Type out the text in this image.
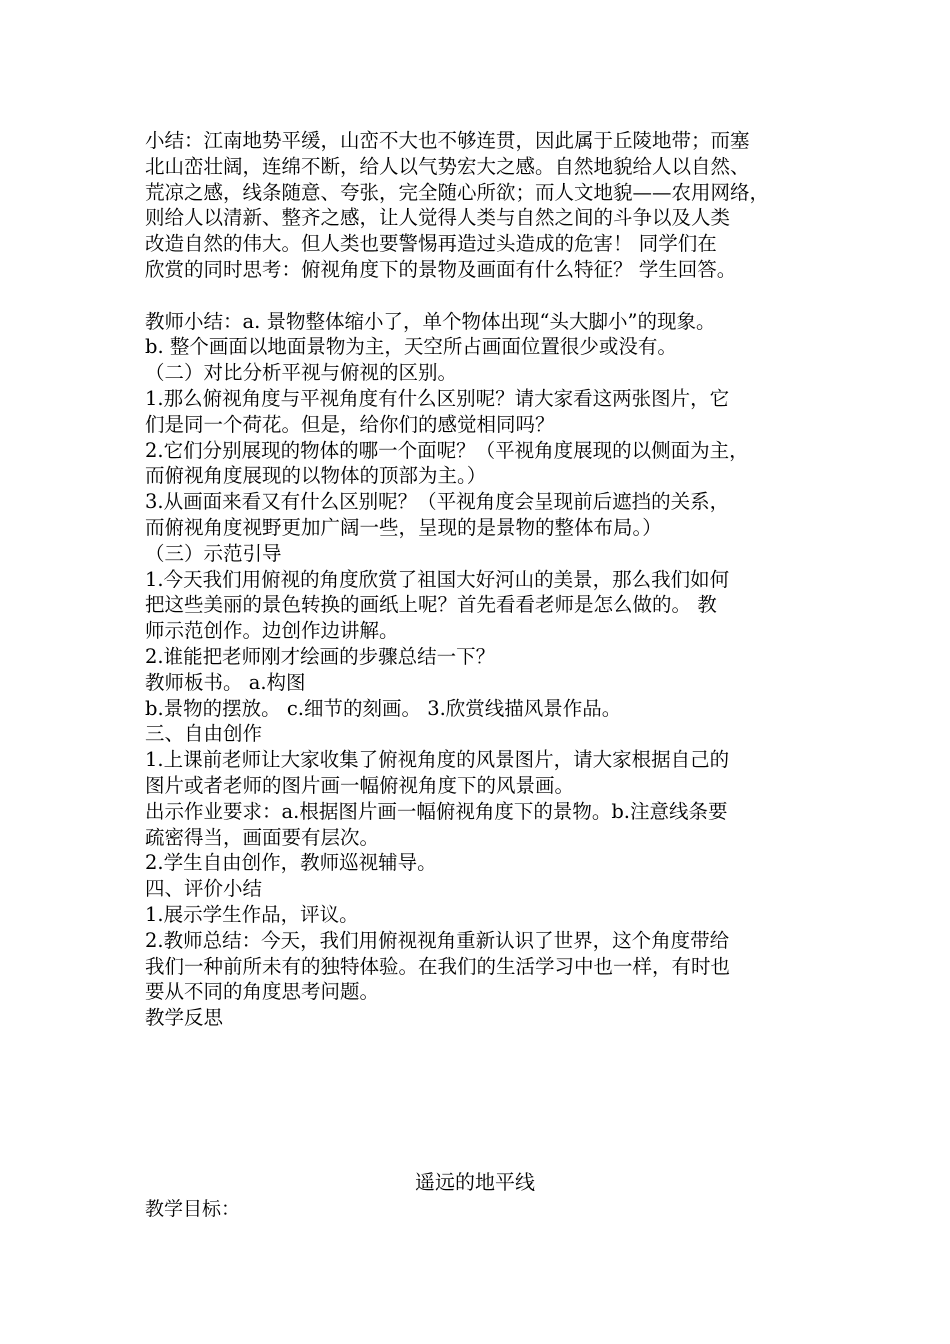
小结：江南地势平缓，山峦不大也不够连贯，因此属于丘陵地带；而塞
北山峦壮阔，连绵不断，给人以气势宏大之感。自然地貌给人以自然、
荒凉之感，线条随意、夸张，完全随心所欲；而人文地貌——农用网络，
则给人以清新、整齐之感，让人觉得人类与自然之间的斗争以及人类
改造自然的伟大。但人类也要警惕再造过头造成的危害！ 同学们在
欣赏的同时思考：俯视角度下的景物及画面有什么特征？ 学生回答。
教师小结：a. 景物整体缩小了，单个物体出现“头大脚小”的现象。
b. 整个画面以地面景物为主，天空所占画面位置很少或没有。
（二）对比分析平视与俯视的区别。
1.那么俯视角度与平视角度有什么区别呢？请大家看这两张图片，它
们是同一个荷花。但是，给你们的感觉相同吗？
2.它们分别展现的物体的哪一个面呢？（平视角度展现的以侧面为主，
而俯视角度展现的以物体的顶部为主。）
3.从画面来看又有什么区别呢？（平视角度会呈现前后遮挡的关系，
而俯视角度视野更加广阔一些，呈现的是景物的整体布局。）
（三）示范引导
1.今天我们用俯视的角度欣赏了祖国大好河山的美景，那么我们如何
把这些美丽的景色转换的画纸上呢？首先看看老师是怎么做的。 教
师示范创作。边创作边讲解。
2.谁能把老师刚才绘画的步骤总结一下？
教师板书。 a.构图
b.景物的摆放。 c.细节的刻画。 3.欣赏线描风景作品。
三、自由创作
1.上课前老师让大家收集了俯视角度的风景图片，请大家根据自己的
图片或者老师的图片画一幅俯视角度下的风景画。
出示作业要求：a.根据图片画一幅俯视角度下的景物。b.注意线条要
疏密得当，画面要有层次。
2.学生自由创作，教师巡视辅导。
四、评价小结
1.展示学生作品，评议。
2.教师总结：今天，我们用俯视视角重新认识了世界，这个角度带给
我们一种前所未有的独特体验。在我们的生活学习中也一样，有时也
要从不同的角度思考问题。
教学反思
遥远的地平线
教学目标：
